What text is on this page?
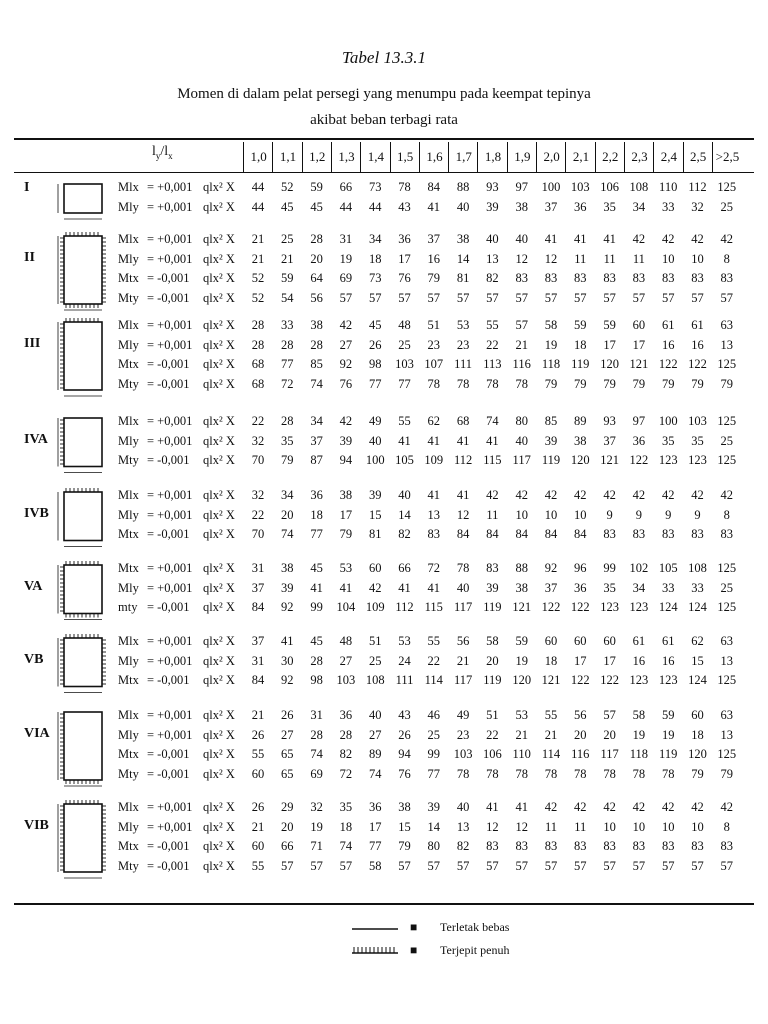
Tabel 13.3.1
Momen di dalam pelat persegi yang menumpu pada keempat tepinya
akibat beban terbagi rata
$l_y/l_x$	1,0	1,1	1,2	1,3	1,4	1,5	1,6	1,7	1,8	1,9	2,0	2,1	2,2	2,3	2,4	2,5 >2,5
I	Mlx = +0,001 qlx² X	44	52	59	66	73	78	84	88	93	97	100 103 106 108 110 112 125
Mly = +0,001 qlx² X	44	45	45	44	44	43	41	40	39	38	37	36	35	34	33	32	25
II
Mlx = +0,001 qlx² X	21	25	28	31	34	36	37	38	40	40	41	41	41	42	42	42	42
Mly = +0,001 qlx² X	21	21	20	19	18	17	16	14	13	12	12	11	11	11	10	10	8
Mtx = -0,001 qlx² X	52	59	64	69	73	76	79	81	82	83	83	83	83	83	83	83	83
Mty = -0,001 qlx² X	52	54	56	57	57	57	57	57	57	57	57	57	57	57	57	57	57
III
Mlx = +0,001 qlx² X	28	33	38	42	45	48	51	53	55	57	58	59	59	60	61	61	63
Mly = +0,001 qlx² X	28	28	28	27	26	25	23	23	22	21	19	18	17	17	16	16	13
Mtx = -0,001 qlx² X	68	77	85	92	98	103 107 111 113 116 118 119 120 121 122 122 125
Mty = -0,001 qlx² X	68	72	74	76	77	77	78	78	78	78	79	79	79	79	79	79	79
IVA
Mlx = +0,001 qlx² X	22	28	34	42	49	55	62	68	74	80	85	89	93	97	100 103 125
Mly = +0,001 qlx² X	32	35	37	39	40	41	41	41	41	40	39	38	37	36	35	35	25
Mty = -0,001 qlx² X	70	79	87	94	100 105 109 112 115 117 119 120 121 122 123 123 125
IVB
Mlx = +0,001 qlx² X	32	34	36	38	39	40	41	41	42	42	42	42	42	42	42	42	42
Mly = +0,001 qlx² X	22	20	18	17	15	14	13	12	11	10	10	10	9	9	9	9	8
Mtx = -0,001 qlx² X	70	74	77	79	81	82	83	84	84	84	84	84	83	83	83	83	83
VA
Mtx = +0,001 qlx² X	31	38	45	53	60	66	72	78	83	88	92	96	99	102 105 108 125
Mly = +0,001 qlx² X	37	39	41	41	42	41	41	40	39	38	37	36	35	34	33	33	25
mty = -0,001 qlx² X	84	92	99	104 109 112 115 117 119 121 122 122 123 123 124 124 125
VB
Mlx = +0,001 qlx² X	37	41	45	48	51	53	55	56	58	59	60	60	60	61	61	62	63
Mly = +0,001 qlx² X	31	30	28	27	25	24	22	21	20	19	18	17	17	16	16	15	13
Mtx = -0,001 qlx² X	84	92	98	103 108 111 114 117 119 120 121 122 122 123 123 124 125
VIA
Mlx = +0,001 qlx² X	21	26	31	36	40	43	46	49	51	53	55	56	57	58	59	60	63
Mly = +0,001 qlx² X	26	27	28	28	27	26	25	23	22	21	21	20	20	19	19	18	13
Mtx = -0,001 qlx² X	55	65	74	82	89	94	99	103 106 110 114 116 117 118 119 120 125
Mty = -0,001 qlx² X	60	65	69	72	74	76	77	78	78	78	78	78	78	78	78	79	79
VIB
Mlx = +0,001 qlx² X	26	29	32	35	36	38	39	40	41	41	42	42	42	42	42	42	42
Mly = +0,001 qlx² X	21	20	19	18	17	15	14	13	12	12	11	11	10	10	10	10	8
Mtx = -0,001 qlx² X	60	66	71	74	77	79	80	82	83	83	83	83	83	83	83	83	83
Mty = -0,001 qlx² X	55	57	57	57	58	57	57	57	57	57	57	57	57	57	57	57	57
■ Terletak bebas
■ Terjepit penuh
